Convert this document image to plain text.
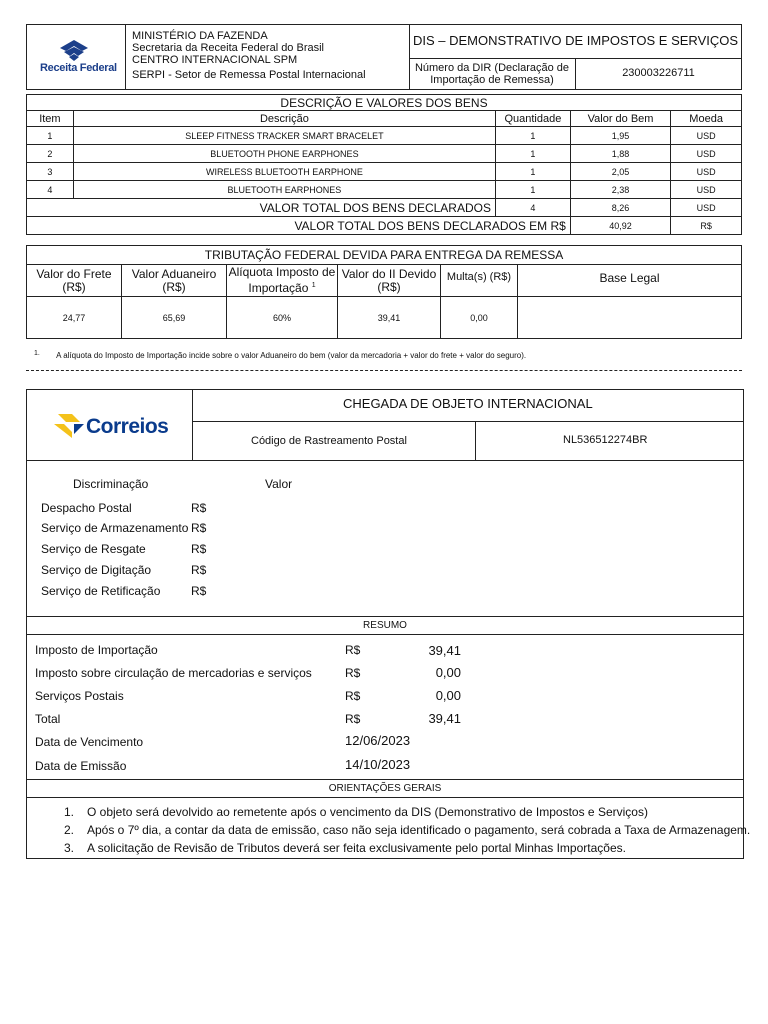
Receita Federal
MINISTÉRIO DA FAZENDA
Secretaria da Receita Federal do Brasil
CENTRO INTERNACIONAL SPM
SERPI - Setor de Remessa Postal Internacional
DIS – DEMONSTRATIVO DE IMPOSTOS E SERVIÇOS
Número da DIR (Declaração de Importação de Remessa)
230003226711
DESCRIÇÃO E VALORES DOS BENS				
Item	Descrição	Quantidade	Valor do Bem	Moeda
1	SLEEP FITNESS TRACKER SMART BRACELET	1	1,95	USD
2	BLUETOOTH PHONE EARPHONES	1	1,88	USD
3	WIRELESS BLUETOOTH EARPHONE	1	2,05	USD
4	BLUETOOTH EARPHONES	1	2,38	USD
VALOR TOTAL DOS BENS DECLARADOS		4	8,26	USD
VALOR TOTAL DOS BENS DECLARADOS EM R$			40,92	R$
TRIBUTAÇÃO FEDERAL DEVIDA PARA ENTREGA DA REMESSA					
Valor do Frete (R$)	Valor Aduaneiro (R$)	Alíquota Imposto de Importação $^1$	Valor do II Devido (R$)	Multa(s) (R$)	Base Legal
24,77	65,69	60%	39,41	0,00	
1. A alíquota do Imposto de Importação incide sobre o valor Aduaneiro do bem (valor da mercadoria + valor do frete + valor do seguro).
Correios
CHEGADA DE OBJETO INTERNACIONAL
Código de Rastreamento Postal	NL536512274BR
Discriminação	Valor
Despacho Postal	R$
Serviço de Armazenamento R$
Serviço de Resgate	R$
Serviço de Digitação	R$
Serviço de Retificação	R$
RESUMO
Imposto de Importação	R$	39,41
Imposto sobre circulação de mercadorias e serviços	R$	0,00
Serviços Postais	R$	0,00
Total	R$	39,41
Data de Vencimento	12/06/2023
Data de Emissão	14/10/2023
ORIENTAÇÕES GERAIS
1. O objeto será devolvido ao remetente após o vencimento da DIS (Demonstrativo de Impostos e Serviços)
2. Após o 7º dia, a contar da data de emissão, caso não seja identificado o pagamento, será cobrada a Taxa de Armazenagem.
3. A solicitação de Revisão de Tributos deverá ser feita exclusivamente pelo portal Minhas Importações.
